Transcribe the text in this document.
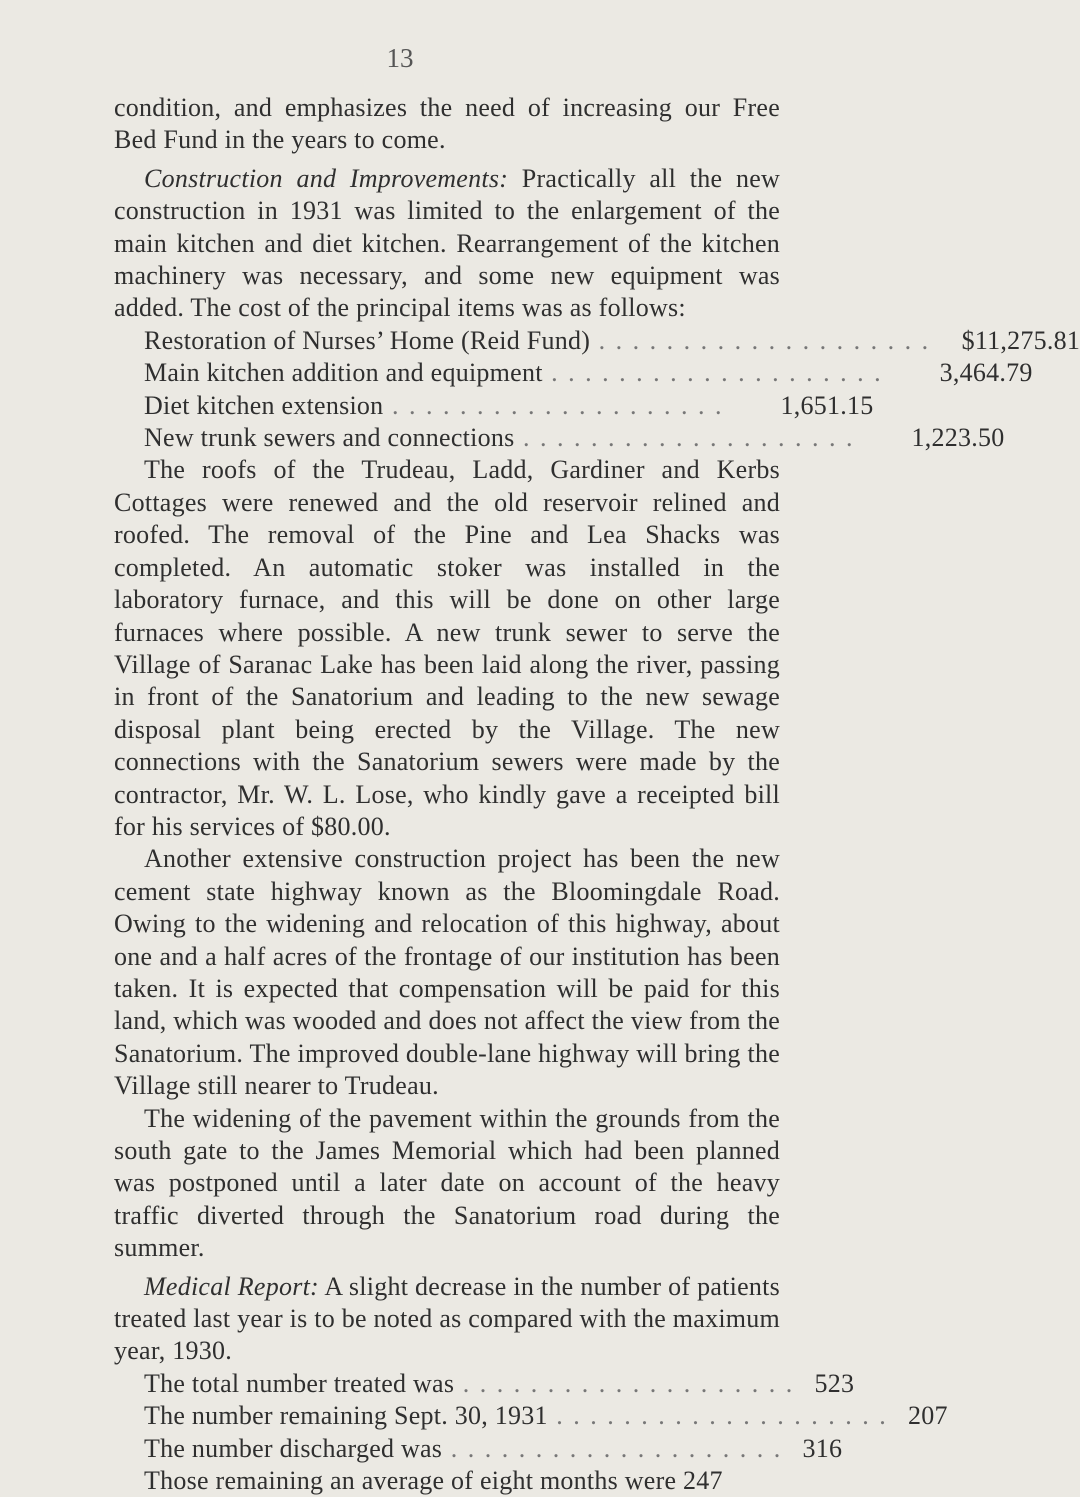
13

condition, and emphasizes the need of increasing our Free Bed Fund in the years to come.

Construction and Improvements: Practically all the new construction in 1931 was limited to the enlargement of the main kitchen and diet kitchen. Rearrangement of the kitchen machinery was necessary, and some new equipment was added. The cost of the principal items was as follows:

Restoration of Nurses’ Home (Reid Fund) . . . . . . . . . . . . . . . . . . . .	$11,275.81
Main kitchen addition and equipment . . . . . . . . . . . . . . . . . . . .	3,464.79
Diet kitchen extension . . . . . . . . . . . . . . . . . . . .	1,651.15
New trunk sewers and connections . . . . . . . . . . . . . . . . . . . .	1,223.50

The roofs of the Trudeau, Ladd, Gardiner and Kerbs Cottages were renewed and the old reservoir relined and roofed. The removal of the Pine and Lea Shacks was completed. An automatic stoker was installed in the laboratory furnace, and this will be done on other large furnaces where possible. A new trunk sewer to serve the Village of Saranac Lake has been laid along the river, passing in front of the Sanatorium and leading to the new sewage disposal plant being erected by the Village. The new connections with the Sanatorium sewers were made by the contractor, Mr. W. L. Lose, who kindly gave a receipted bill for his services of $80.00.

Another extensive construction project has been the new cement state highway known as the Bloomingdale Road. Owing to the widening and relocation of this highway, about one and a half acres of the frontage of our institution has been taken. It is expected that compensation will be paid for this land, which was wooded and does not affect the view from the Sanatorium. The improved double-lane highway will bring the Village still nearer to Trudeau.

The widening of the pavement within the grounds from the south gate to the James Memorial which had been planned was postponed until a later date on account of the heavy traffic diverted through the Sanatorium road during the summer.

Medical Report: A slight decrease in the number of patients treated last year is to be noted as compared with the maximum year, 1930.

The total number treated was . . . . . . . . . . . . . . . . . . . . 523
The number remaining Sept. 30, 1931 . . . . . . . . . . . . . . . . . . . . 207
The number discharged was . . . . . . . . . . . . . . . . . . . . 316
Those remaining an average of eight months were 247
